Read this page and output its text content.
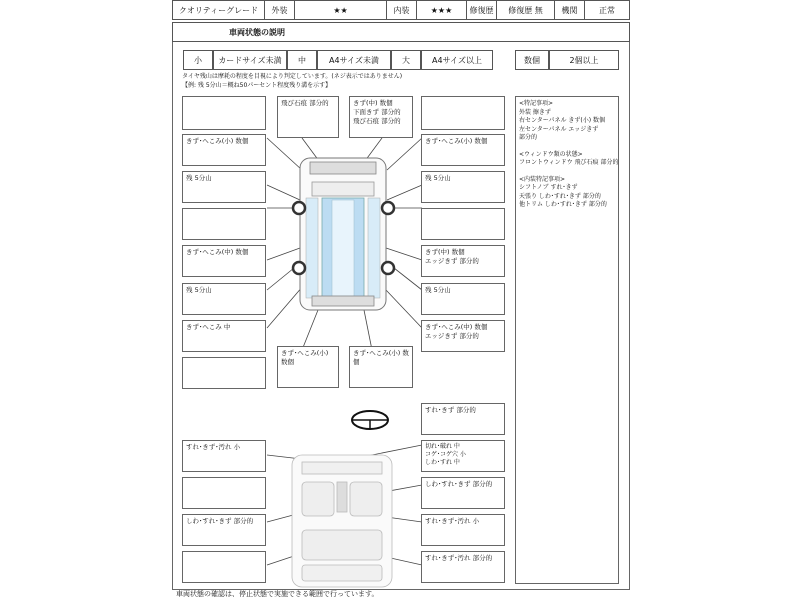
クオリティーグレード	外装	★★	内装	★★★	修復歴	修復歴 無	機関	正常
車両状態の説明
小	カードサイズ未満	中	A4サイズ未満	大	A4サイズ以上	数個	2個以上
タイヤ残山は摩耗の程度を目視により判定しています。(ネジ表示ではありません)
【例: 残 5分山＝概ね50パーセント程度残り溝を示す】
飛び石痕 部分的	きず(中) 数個
下面きず 部分的
飛び石痕 部分的
きず･へこみ(小) 数個	きず･へこみ(小) 数個
残 5分山	残 5分山
きず･へこみ(中) 数個	きず(中) 数個
エッジきず 部分的
残 5分山	残 5分山
きず･へこみ 中	きず･へこみ(中) 数個
エッジきず 部分的
きず･へこみ(小) 数個
きず･へこみ(小) 数個
すれ･きず 部分的
すれ･きず･汚れ 小	切れ･破れ 中
コゲ･コゲ穴 小
しわ･すれ 中
しわ･すれ･きず 部分的
しわ･すれ･きず 部分的	すれ･きず･汚れ 小
すれ･きず･汚れ 部分的
<特記事項>
外装 擦きず
右センターパネル きず(小) 数個
左センターパネル エッジきず
部分的
<ウィンドウ類の状態>
フロントウィンドウ 飛び石痕 部分的
<内装特記事項>
シフトノブ すれ･きず
天張り しわ･すれ･きず 部分的
他トリム しわ･すれ･きず 部分的
車両状態の確認は、停止状態で実施できる範囲で行っています。
